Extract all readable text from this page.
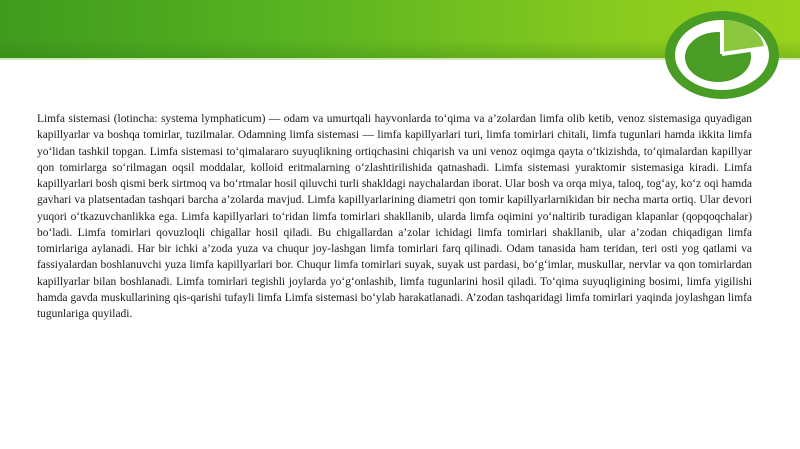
Limfa sistemasi (lotincha: systema lymphaticum) — odam va umurtqali hayvonlarda to‘qima va a’zolardan limfa olib ketib, venoz sistemasiga quyadigan kapillyarlar va boshqa tomirlar, tuzilmalar. Odamning limfa sistemasi — limfa kapillyarlari turi, limfa tomirlari chitali, limfa tugunlari hamda ikkita limfa yo‘lidan tashkil topgan. Limfa sistemasi to‘qimalararo suyuqlikning ortiqchasini chiqarish va uni venoz oqimga qayta o‘tkizishda, to‘qimalardan kapillyar qon tomirlarga so‘rilmagan oqsil moddalar, kolloid eritmalarning o‘zlashtirilishida qatnashadi. Limfa sistemasi yuraktomir sistemasiga kiradi. Limfa kapillyarlari bosh qismi berk sirtmoq va bo‘rtmalar hosil qiluvchi turli shakldagi naychalardan iborat. Ular bosh va orqa miya, taloq, tog‘ay, ko‘z oqi hamda gavhari va platsentadan tashqari barcha a’zolarda mavjud. Limfa kapillyarlarining diametri qon tomir kapillyarlarnikidan bir necha marta ortiq. Ular devori yuqori o‘tkazuvchanlikka ega. Limfa kapillyarlari to‘ridan limfa tomirlari shakllanib, ularda limfa oqimini yo‘naltirib turadigan klapanlar (qopqoqchalar) bo‘ladi. Limfa tomirlari qovuzloqli chigallar hosil qiladi. Bu chigallardan a’zolar ichidagi limfa tomirlari shakllanib, ular a’zodan chiqadigan limfa tomirlariga aylanadi. Har bir ichki a’zoda yuza va chuqur joy-lashgan limfa tomirlari farq qilinadi. Odam tanasida ham teridan, teri osti yog qatlami va fassiyalardan boshlanuvchi yuza limfa kapillyarlari bor. Chuqur limfa tomirlari suyak, suyak ust pardasi, bo‘g‘imlar, muskullar, nervlar va qon tomirlardan kapillyarlar bilan boshlanadi. Limfa tomirlari tegishli joylarda yo‘g‘onlashib, limfa tugunlarini hosil qiladi. To‘qima suyuqligining bosimi, limfa yigilishi hamda gavda muskullarining qis-qarishi tufayli limfa Limfa sistemasi bo‘ylab harakatlanadi. A’zodan tashqaridagi limfa tomirlari yaqinda joylashgan limfa tugunlariga quyiladi.
